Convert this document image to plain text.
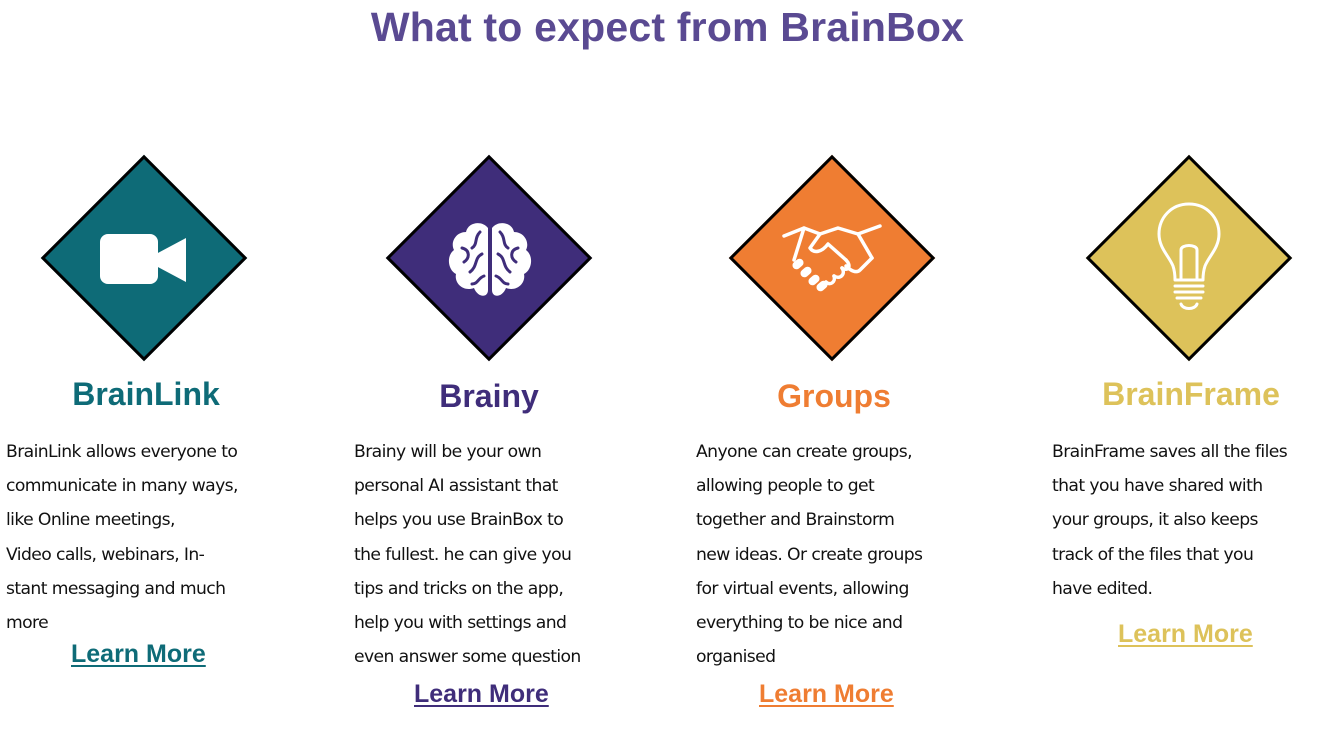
What to expect from BrainBox
BrainLink
BrainLink allows everyone to
communicate in many ways,
like Online meetings,
Video calls, webinars, In-
stant messaging and much
more
Learn More
Brainy
Brainy will be your own
personal AI assistant that
helps you use BrainBox to
the fullest. he can give you
tips and tricks on the app,
help you with settings and
even answer some question
Learn More
Groups
Anyone can create groups,
allowing people to get
together and Brainstorm
new ideas. Or create groups
for virtual events, allowing
everything to be nice and
organised
Learn More
BrainFrame
BrainFrame saves all the files
that you have shared with
your groups, it also keeps
track of the files that you
have edited.
Learn More
